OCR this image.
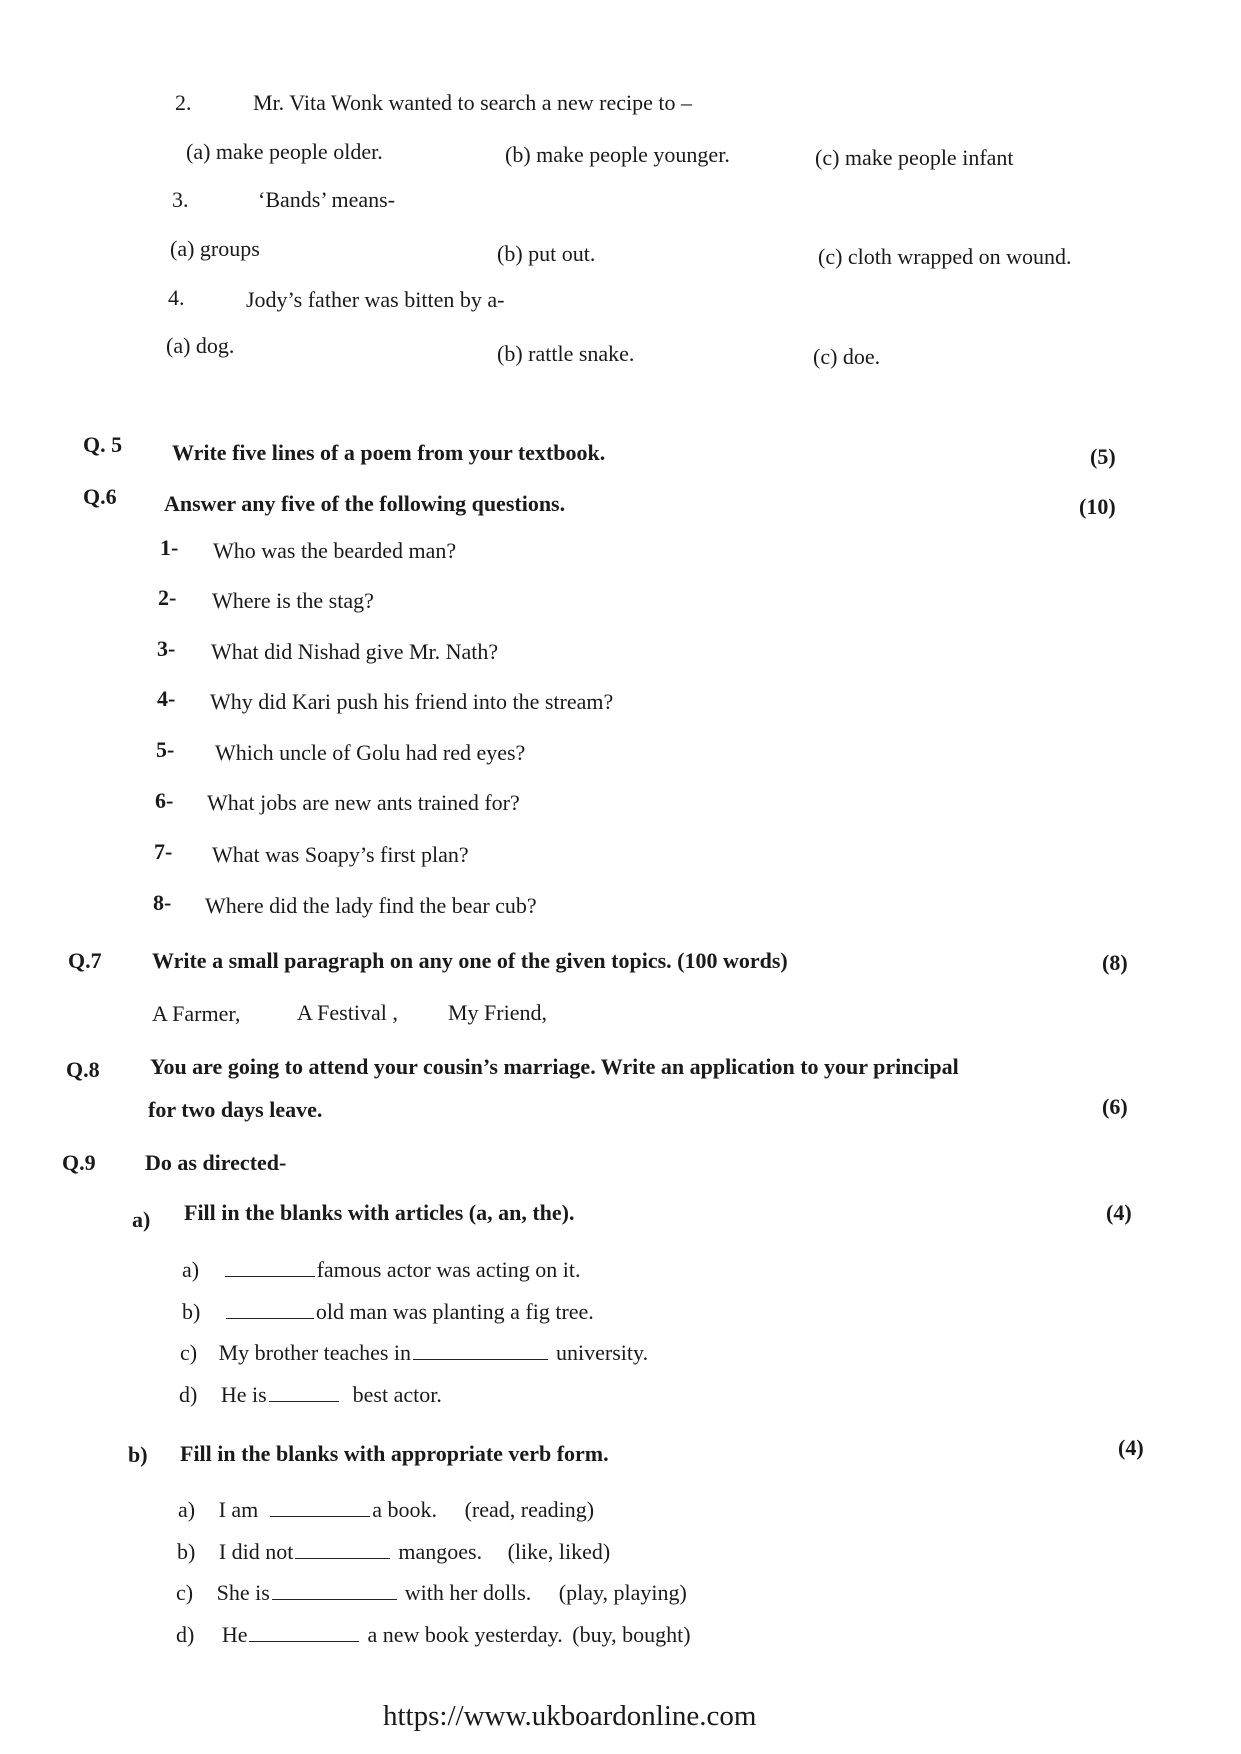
2.	Mr. Vita Wonk wanted to search a new recipe to –
(a) make people older.	(b) make people younger.	(c) make people infant
3.	‘Bands’ means-
(a) groups	(b) put out.	(c) cloth wrapped on wound.
4.	Jody’s father was bitten by a-
(a) dog.	(b) rattle snake.	(c) doe.
Q. 5 Write five lines of a poem from your textbook.	(5)
Q.6 Answer any five of the following questions.	(10)
1- Who was the bearded man?
2- Where is the stag?
3- What did Nishad give Mr. Nath?
4- Why did Kari push his friend into the stream?
5- Which uncle of Golu had red eyes?
6- What jobs are new ants trained for?
7- What was Soapy’s first plan?
8- Where did the lady find the bear cub?
Q.7 Write a small paragraph on any one of the given topics. (100 words)	(8)
A Farmer,	A Festival , My Friend,
Q.8 You are going to attend your cousin’s marriage. Write an application to your principal
for two days leave.	(6)
Q.9 Do as directed-
a) Fill in the blanks with articles (a, an, the).	(4)
a)	famous actor was acting on it.
b)	old man was planting a fig tree.
c) My brother teaches in	university.
d) He is	best actor.
b) Fill in the blanks with appropriate verb form.	(4)
a) I am	a book. (read, reading)
b) I did not	mangoes. (like, liked)
c) She is	with her dolls. (play, playing)
d) He	a new book yesterday. (buy, bought)
https://www.ukboardonline.com
